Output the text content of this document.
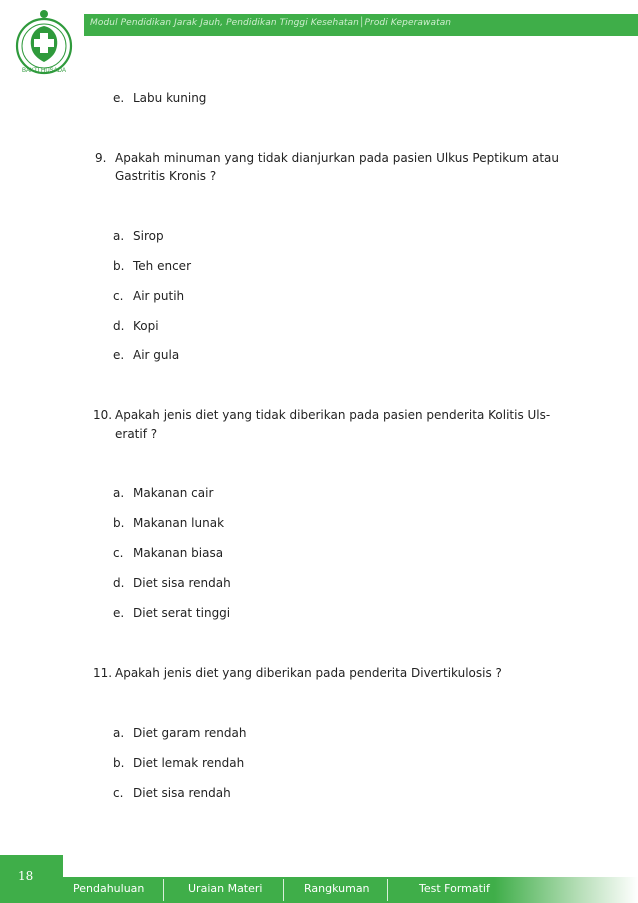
BAKTI HUSADA
Modul Pendidikan Jarak Jauh, Pendidikan Tinggi Kesehatan│Prodi Keperawatan
e. Labu kuning
9. Apakah minuman yang tidak dianjurkan pada pasien Ulkus Peptikum atau
Gastritis Kronis ?
a. Sirop
b. Teh encer
c. Air putih
d. Kopi
e. Air gula
10. Apakah jenis diet yang tidak diberikan pada pasien penderita Kolitis Uls-
eratif ?
a. Makanan cair
b. Makanan lunak
c. Makanan biasa
d. Diet sisa rendah
e. Diet serat tinggi
11. Apakah jenis diet yang diberikan pada penderita Divertikulosis ?
a. Diet garam rendah
b. Diet lemak rendah
c. Diet sisa rendah
18
Pendahuluan	Uraian Materi	Rangkuman	Test Formatif
